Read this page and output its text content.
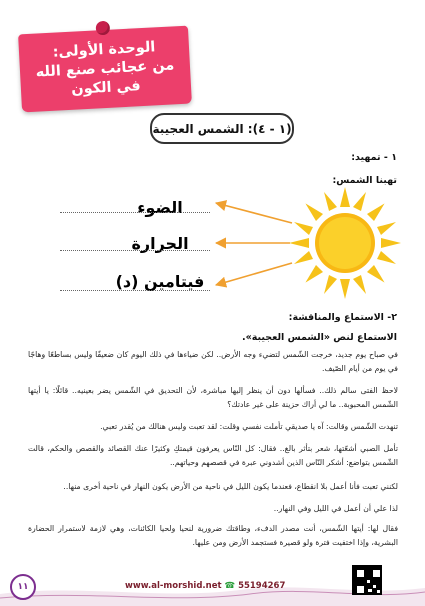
الوحدة الأولى:
من عجائب صنع الله
في الكون
(١ - ٤): الشمس العجيبة
١ - تمهيد:
تهبنا الشمس:
الضوء
الحرارة
فيتامين (د)
٢- الاستماع والمناقشة:
الاستماع لنص «الشمس العجيبة».
في صباح يوم جديد، خرجت الشّمس لتضيء وجه الأرض.. لكن ضياءها في ذلك اليوم كان ضعيفًا وليس بساطعًا وهاجًا في يوم من أيام الصّيف.
لاحظ الفتى سالم ذلك.. فسألها دون أن ينظر إليها مباشرة، لأن التحديق في الشّمس يضر بعينيه.. قائلًا: يا أيتها الشّمس المحبوبة.. ما لي أراك حزينة على غير عادتك؟
تنهدت الشّمس وقالت: آه يا صديقي تأملت نفسي وقلت: لقد تعبت وليس هنالك من يُقدر تعبي.
تأمل الصبي أشعّتها، شعر بتأثر بالغ.. فقال: كل النّاس يعرفون قيمتكِ وكثيرًا عنك القصائد والقصص والحكم، قالت الشّمس بتواضع: أشكر النّاس الذين أشدوني عبرة في قصصهم وحياتهم..
لكنني تعبت فأنا أعمل بلا انقطاع، فعندما يكون الليل في ناحية من الأرض يكون النهار في ناحية أخرى منها..
لذا علي أن أعمل في الليل وفي النهار..
فقال لها: أيتها الشّمس، أنت مصدر الدفء، وطاقتك ضرورية لنحيا ولحيا الكائنات، وهي لازمة لاستمرار الحضارة البشرية، وإذا اختفيت فترة ولو قصيرة فستجمد الأرض ومن عليها.
١١	www.al-morshid.net ☎ 55194267
